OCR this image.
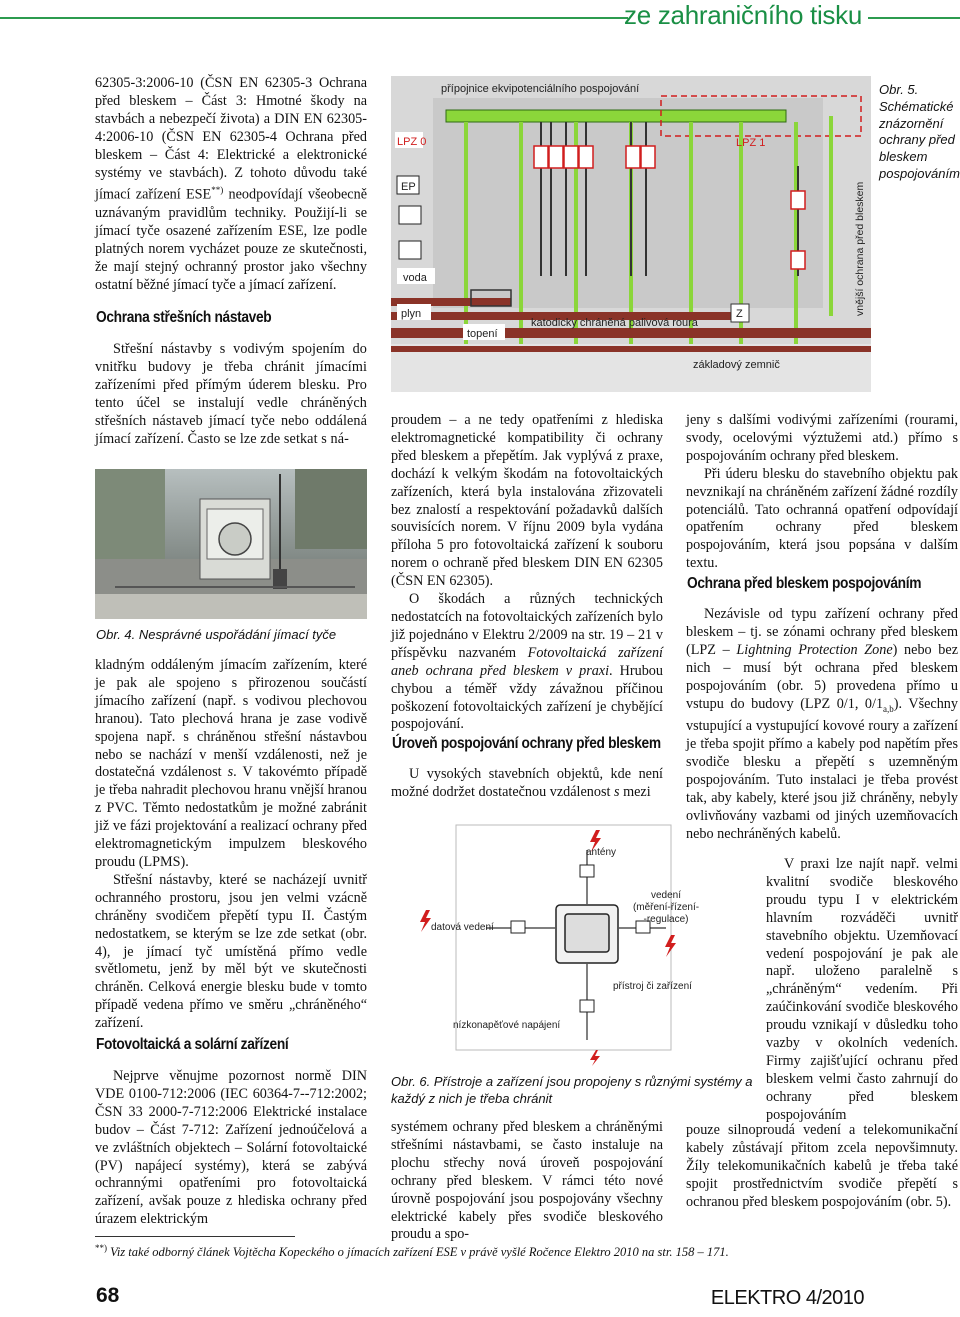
ze zahraničního tisku

62305-3:2006-10 (ČSN EN 62305-3 Ochrana před bleskem – Část 3: Hmotné škody na stavbách a nebezpečí života) a DIN EN 62305-4:2006-10 (ČSN EN 62305-4 Ochrana před bleskem – Část 4: Elektrické a elektronické systémy ve stavbách). Z tohoto důvodu také jímací zařízení ESE**) neodpovídají všeobecně uznávaným pravidlům techniky. Použijí-li se jímací tyče osazené zařízením ESE, lze podle platných norem vycházet pouze ze skutečnosti, že mají stejný ochranný prostor jako všechny ostatní běžné jímací tyče a jímací zařízení.

Ochrana střešních nástaveb

Střešní nástavby s vodivým spojením do vnitřku budovy je třeba chránit jímacími zařízeními před přímým úderem blesku. Pro tento účel se instalují vedle chráněných střešních nástaveb jímací tyče nebo oddálená jímací zařízení. Často se lze zde setkat s ná-

Obr. 4. Nesprávné uspořádání jímací tyče

kladným oddáleným jímacím zařízením, které je pak ale spojeno s přirozenou součástí jímacího zařízení (např. s vodivou plechovou hranou). Tato plechová hrana je zase vodivě spojena např. s chráněnou střešní nástavbou nebo se nachází v menší vzdálenosti, než je dostatečná vzdálenost s. V takovémto případě je třeba nahradit plechovou hranu vnější hranou z PVC. Těmto nedostatkům je možné zabránit již ve fázi projektování a realizací ochrany před elektromagnetickým impulzem bleskového proudu (LPMS).

Střešní nástavby, které se nacházejí uvnitř ochranného prostoru, jsou jen velmi vzácně chráněny svodičem přepětí typu II. Častým nedostatkem, se kterým se lze zde setkat (obr. 4), je jímací tyč umístěná přímo vedle světlometu, jenž by měl být ve skutečnosti chráněn. Celková energie blesku bude v tomto případě vedena přímo ve směru „chráněného“ zařízení.

Fotovoltaická a solární zařízení

Nejprve věnujme pozornost normě DIN VDE 0100-712:2006 (IEC 60364-7--712:2002; ČSN 33 2000-7-712:2006 Elektrické instalace budov – Část 7-712: Zařízení jednoúčelová a ve zvláštních objektech – Solární fotovoltaické (PV) napájecí systémy), která se zabývá ochrannými opatřeními pro fotovoltaická zařízení, avšak pouze z hlediska ochrany před úrazem elektrickým

Z
přípojnice ekvipotenciálního pospojování
LPZ 0	LPZ 1
EP
voda
plyn
topení
katodicky chráněná palivová roura
základový zemnič
vnější ochrana před bleskem
Obr. 5. Schématické znázornění ochrany před bleskem pospojováním

proudem – a ne tedy opatřeními z hlediska elektromagnetické kompatibility či ochrany před bleskem a přepětím. Jak vyplývá z praxe, dochází k velkým škodám na fotovoltaických zařízeních, která byla instalována zřizovateli bez znalostí a respektování požadavků dalších souvisících norem. V říjnu 2009 byla vydána příloha 5 pro fotovoltaická zařízení k souboru norem o ochraně před bleskem DIN EN 62305 (ČSN EN 62305).

O škodách a různých technických nedostatcích na fotovoltaických zařízeních bylo již pojednáno v Elektru 2/2009 na str. 19 – 21 v příspěvku nazvaném Fotovoltaická zařízení aneb ochrana před bleskem v praxi. Hrubou chybou a téměř vždy závažnou příčinou poškození fotovoltaických zařízení je chybějící pospojování.

Úroveň pospojování ochrany před bleskem

U vysokých stavebních objektů, kde není možné dodržet dostatečnou vzdálenost s mezi

antény
datová vedení
vedení
(měření-řízení-
-regulace)
přístroj či zařízení
nízkonapěťové napájení
Obr. 6. Přístroje a zařízení jsou propojeny s různými systémy a každý z nich je třeba chránit

systémem ochrany před bleskem a chráněnými střešními nástavbami, se často instaluje na plochu střechy nová úroveň pospojování ochrany před bleskem. V rámci této nové úrovně pospojování jsou pospojovány všechny elektrické kabely přes svodiče bleskového proudu a spo-

jeny s dalšími vodivými zařízeními (rourami, svody, ocelovými výztužemi atd.) přímo s pospojováním ochrany před bleskem.

Při úderu blesku do stavebního objektu pak nevznikají na chráněném zařízení žádné rozdíly potenciálů. Tato ochranná opatření odpovídají opatřením ochrany před bleskem pospojováním, která jsou popsána v dalším textu.

Ochrana před bleskem pospojováním

Nezávisle od typu zařízení ochrany před bleskem – tj. se zónami ochrany před bleskem (LPZ – Lightning Protection Zone) nebo bez nich – musí být ochrana před bleskem pospojováním (obr. 5) provedena přímo u vstupu do budovy (LPZ 0/1, $0/1_{a,b}$). Všechny vstupující a vystupující kovové roury a zařízení je třeba spojit přímo a kabely pod napětím přes svodiče blesku a přepětí s uzemněným pospojováním. Tuto instalaci je třeba provést tak, aby kabely, které jsou již chráněny, nebyly ovlivňovány vazbami od jiných uzemňovacích nebo nechráněných kabelů.

V praxi lze najít např. velmi kvalitní svodiče bleskového proudu typu I v elektrickém hlavním rozváděči uvnitř stavebního objektu. Uzemňovací vedení pospojování je pak ale např. uloženo paralelně s „chráněným“ vedením. Při zaúčinkování svodiče bleskového proudu vznikají v důsledku toho vazby v okolních vedeních. Firmy zajišťující ochranu před bleskem velmi často zahrnují do ochrany před bleskem pospojováním

pouze silnoproudá vedení a telekomunikační kabely zůstávají přitom zcela nepovšimnuty. Žíly telekomunikačních kabelů je třeba také spojit prostřednictvím svodiče přepětí s ochranou před bleskem pospojováním (obr. 5).

**) Viz také odborný článek Vojtěcha Kopeckého o jímacích zařízení ESE v právě vyšlé Ročence Elektro 2010 na str. 158 – 171.
68	ELEKTRO 4/2010
